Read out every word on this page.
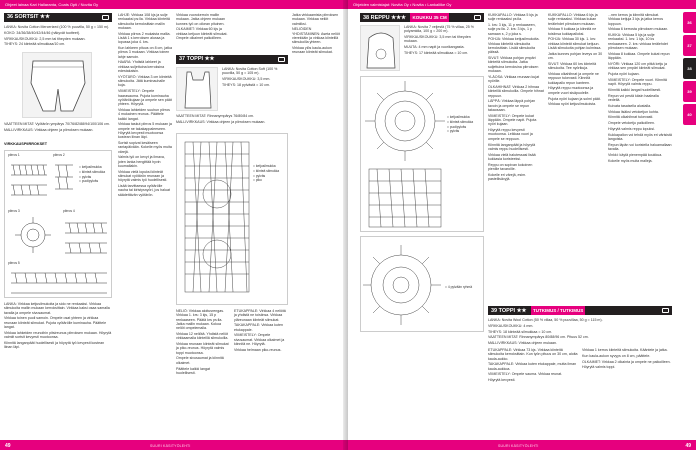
Ohjeet lainaa Kari Hallaranta, Coats Opti / Novita Oy
36 SORTSIT ★★

LANKA: Novita Cotton Mercerized (100 % puuvilla, 50 g = 150 m).

KOKO: 34/36/38/40/42/44/46 (näkyvät tuotteet).

VIRKKAUSKOUKKU: 2,5 mm tai tiheyden mukaan.

TIHEYS: 24 kiinteää silmukkaa/10 cm.

VAATTEEN MITAT: Vyötärön ympärys 70/76/82/88/94/100/106 cm.

MALLIVIRKKAUS: Virkkaa ohjeen ja piirroksen mukaan.

VIRKKAUSPIIRROKSET
piirros 1	piirros 2
= ketjusilmukka
= kiinteä silmukka
= pylväs
= puolipylväs
piirros 3	piirros 4
piirros 5

LANKA: Virkkaa ketjusilmukoita ja sido ne renkaaksi. Virkkaa silmukoita mallin mukaan kerroksittain. Virkkaa kaksi osaa samalla tavalla ja ompele sivusaumat.

Virkkaa toinen puoli samoin. Ompele osat yhteen ja virkkaa reunaan kiinteät silmukat. Pujota vyötärölle kuminauha. Päättele langat.

Virkkaa lahkeiden reunoihin pitsireunus piirroksen mukaan. Höyrytä valmiit sortsit kevyesti muotoonsa.

Kiinnitä langanpäät huolellisesti ja höyrytä työ kevyesti kostean liinan läpi.

LAHJE: Virkkaa 108 kjs ja sulje renkaaksi ps:lla. Virkkaa kiinteitä silmukoita kerroksittain mallin mukaan.

Virkkaa piirros 2 mukaista mallia. Lisää 1 s kerroksen alussa ja lopussa joka 4. krs.

Kun lahkeen pituus on 8 cm, jatka piirros 3 mukaan. Virkkaa toinen lahje samoin.

HAARA: Yhdistä lahkeet ja virkkaa suljettuina kerroksina edestakaisin.

VYÖTÄRÖ: Virkkaa 3 cm kiinteitä silmukoita. Jätä kuminauhalle kuja.

VIIMEISTELY: Ompele haarasauma. Pujota kuminauha vyötärökujaan ja ompele sen päät yhteen. Höyrytä.

Virkkaa lahkeiden suuhun piirros 4 mukainen reunus. Päättele kaikki langat.

Virkkaa taskut piirros 5 mukaan ja ompele ne takakappaleeseen. Höyrytä kevyesti muotoonsa kostean liinan läpi.

Sortsit sopivat kesäiseen rantapäivään. Kokeile myös muita värejä.

Valmis työ on kevyt ja ilmava, joten lanka hengittää hyvin kuumallakin.

Virkkaa vielä lopuksi kiinteät silmukat vyötärön reunaan ja höyrytä valmis työ huolellisesti.

Lisää tarvittaessa vyötärölle nauha tai kiristysnyöri, jos haluat säädettävän vyötärön.

Virkkaa vuorokerroin mallin mukaan. Jatka ohjeen mukaan kunnes työ on oikean pituinen.

OLKAIMET: Virkkaa 60 kjs ja virkkaa ketjuun kiinteät silmukat. Ompele olkaimet paikoilleen.

37 TOPPI ★★

LANKA: Novita Cotton Soft (100 % puuvilla, 50 g = 105 m).

VIRKKAUSKOUKKU: 3,5 mm.

TIHEYS: 18 pylvästä = 10 cm.

VAATTEEN MITAT: Rinnanympärys 76/80/84 cm.

MALLIVIRKKAUS: Virkkaa ohjeen ja piirroksen mukaan.

= ketjusilmukka
= kiinteä silmukka
= pylväs
= piko

NELIÖ: Virkkaa aloitusrengas. Virkkaa 1. krs: 3 kjs, 15 p renkaaseen. Päätä krs ps:lla. Jatka mallin mukaan. Kokoa neliöt ompelemalla.

Virkkaa 12 neliötä. Yhdistä neliöt virkkaamalla kiinteillä silmukoilla.

Virkkaa reunaan kiinteät silmukat ja piko-reunus. Höyrytä valmis toppi muotoonsa.

Ompele sivusaumat ja kiinnitä olkaimet.

Päättele kaikki langat huolellisesti.

ETUKAPPALE: Virkkaa 4 neliötä ja yhdistä ne toisiinsa. Virkkaa yläreunaan kiinteät silmukat.

TAKAKAPPALE: Virkkaa kuten etukappale.

VIIMEISTELY: Ompele sivusaumat. Virkkaa olkaimet ja kiinnitä ne. Höyrytä.

Virkkaa helmaan piko-reunus.

Jatka virkkaamista piirroksen mukaan. Virkkaa neliöt valmiiksi.

NELIÖIDEN YHDISTÄMINEN: Aseta neliöt vierekkäin ja virkkaa kiinteillä silmukoilla yhteen.

Virkkaa ylös kaula-aukon reunaan kiinteät silmukat.

49	SUURI KÄSITYÖLEHTI
Ohjeiden valmistajat: Novita Oy • Novita • Lankaliike Oy
38 REPPU ★★★ KOUKKU 35 CM

LANKA: Novita 7 veljestä (75 % villaa, 25 % polyamidia, 100 g = 200 m).

VIRKKAUSKOUKKU: 3,5 mm tai tiheyden mukaan.

MUUTA: 4 mm napit ja vuorikangasta.

TIHEYS: 17 kiinteää silmukkaa = 10 cm.

= ketjusilmukka
= kiinteä silmukka
= puolipylväs
= pylväs
= 4 pylvään ryhmä

KUKKAPALLO: Virkkaa 5 kjs ja sulje renkaaksi ps:lla.

1. krs: 3 kjs, 11 p renkaaseen, sulje ps:lla. 2. krs: 3 kjs, 1 p samaan s, 2 p joka s.

POHJA: Virkkaa ketjusilmukoita. Virkkaa kiinteitä silmukoita kerroksittain. Lisää silmukoita päissä.

SIVUT: Virkkaa pohjan ympäri kiinteitä silmukoita. Jatka suljettuina kerroksina piirroksen mukaan.

YLÄOSA: Virkkaa reunaan kujat nyörille.

OLKAHIHNAT: Virkkaa 2 hihnaa kiinteillä silmukoilla. Ompele hihnat reppuun.

LÄPPÄ: Virkkaa läppä pohjan tavoin ja ompele se repun takaosaan.

VIIMEISTELY: Ompele kukat läppään. Ompele napit. Pujota nyöri kujaan.

Höyrytä reppu kevyesti muotoonsa. Leikkaa vuori ja ompele se reppuun.

Kiinnitä langanpäät ja höyrytä valmis reppu huolellisesti.

Virkkaa vielä halutessasi lisää kukkasia koristeeksi.

Reppu on sopivan kokoinen pienille tavaroille.

Kokeile eri värejä, esim. pastellisävyjä.

KUKKAPALLO: Virkkaa 6 kjs ja sulje renkaaksi. Virkkaa kukan terälehdet piirroksen mukaan.

Virkkaa 9 kukkaa ja kiinnitä ne toisiinsa kukkapalloksi.

POHJA: Virkkaa 30 kjs. 1. krs: virkkaa kiinteät silmukat ketjuun. Lisää silmukoita pohjan kulmissa.

Jatka kunnes pohjan leveys on 30 cm.

SIVUT: Virkkaa 60 krs kiinteitä silmukoita. Tee nyörikuja.

Virkkaa olkahihnat ja ompele ne reppuun tukevasti. Kiinnitä kukkapallo repun kanteen.

Höyrytä reppu muotoonsa ja ompele vuori sisäpuolelle.

Pujota nyöri kujaan ja solmi päät.

Virkkaa nyöri ketjusilmukoista.

39 TOPPI ★★ TUTKIMUS / TUTKIMUS

LANKA: Novita Wool Cotton (50 % villaa, 50 % puuvillaa, 50 g = 115 m).

VIRKKAUSKOUKKU: 4 mm.

TIHEYS: 18 kiinteää silmukkaa = 10 cm.

VAATTEEN MITAT: Rinnanympärys 80/88/96 cm. Pituus 52 cm.

MALLIVIRKKAUS: Virkkaa ohjeen mukaan.

ETUKAPPALE: Virkkaa 73 kjs. Virkkaa kiinteitä silmukoita kerroksittain. Kun työn pituus on 30 cm, aloita kaula-aukko.

TAKAKAPPALE: Virkkaa kuten etukappale, mutta ilman kaula-aukkoa.

VIIMEISTELY: Ompele sauma. Virkkaa reunat.

Höyrytä kevyesti.

Virkkaa 1 kerros kiinteitä silmukoita. Kääntele ja jatka.

Kun kaula-aukon syvyys on 8 cm, päättele.

OLKAIMET: Virkkaa 2 olkainta ja ompele ne paikoilleen.

Höyrytä valmis toppi.

...nen kerros ja kiinnitä silmukat. Virkkaa ketjuja 3 kjs ja jatka kerros loppuun.

Virkkaa 6 kerrosta piirroksen mukaan.

KUKKA: Virkkaa 5 kjs ja sulje renkaaksi. 1. krs: 1 kjs, 10 ks renkaaseen. 2. krs: virkkaa terälehdet piirroksen mukaan.

Virkkaa 8 kukkaa. Ompele kukat repun läppään.

NYÖRI: Virkkaa 120 cm pitkä ketju ja virkkaa sen ympäri kiinteät silmukat.

Pujota nyöri kujaan.

VIIMEISTELY: Ompele vuori. Kiinnitä napit. Höyrytä valmis reppu.

Kiinnitä kaikki langat huolellisesti.

Repun voi pestä käsin haalealla vedellä.

Kuivata tasaisella alustalla.

Virkkaa lisäksi vetoketjun kohta.

Kiinnitä olkahihnat tukevasti.

Ompele vetoketju paikoilleen.

Höyrytä valmis reppu lopuksi.

Kukkapallon voi tehdä myös eri värisistä langoista.

Repun läpän voi koristella haluamallaan tavalla.

Vinkki: käytä pienempää koukkua.

Kokeile myös muita malleja.

36
37
38
39
40
SUURI KÄSITYÖLEHTI	49
